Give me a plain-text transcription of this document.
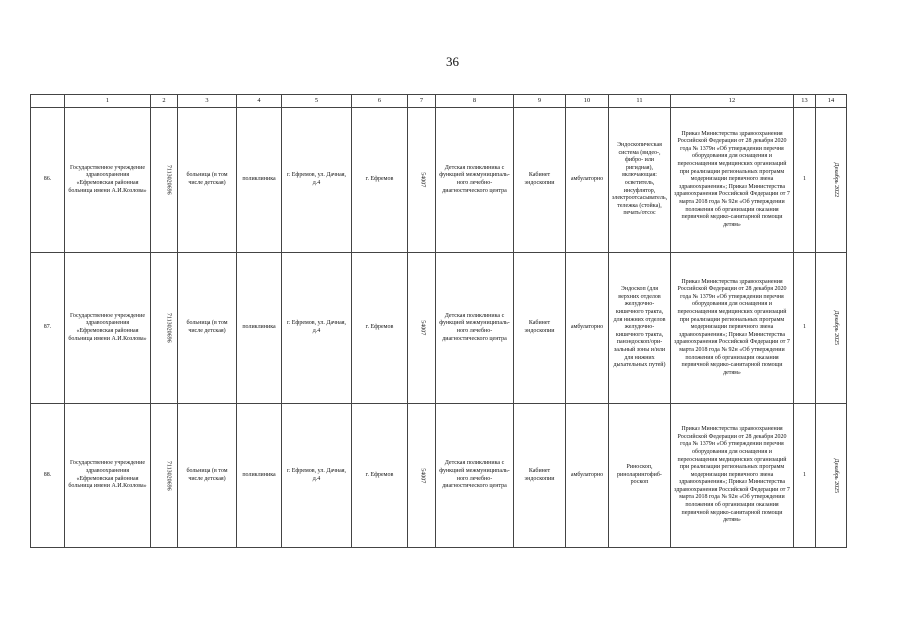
36
	1	2	3	4	5	6	7	8	9	10	11	12	13	14
86.	Государственное учреждение здравоохранения «Ефремовская районная больница имени А.И.Козлова»	7113020696	больница (в том числе детская)	поликлиника	г. Ефремов, ул. Дачная, д.4	г. Ефремов	54007	Детская поликлиника с функцией межмуниципаль-ного лечебно-диагностического центра	Кабинет эндоскопии	амбулаторно	Эндоскопическая система (видео-, фибро- или ригидная), включающая: осветитель, инсуфлятор, электроотсасыватель, тележка (стойка), печать/отсос	Приказ Министерства здравоохранения Российской Федерации от 28 декабря 2020 года № 1379н «Об утверждении перечня оборудования для оснащения и переоснащения медицинских организаций при реализации региональных программ модернизации первичного звена здравоохранения»; Приказ Министерства здравоохранения Российской Федерации от 7 марта 2018 года № 92н «Об утверждении положения об организации оказания первичной медико-санитарной помощи детям»	1	Декабрь 2022
87.	Государственное учреждение здравоохранения «Ефремовская районная больница имени А.И.Козлова»	7113020696	больница (в том числе детская)	поликлиника	г. Ефремов, ул. Дачная, д.4	г. Ефремов	54007	Детская поликлиника с функцией межмуниципаль-ного лечебно-диагностического центра	Кабинет эндоскопии	амбулаторно	Эндоскоп (для верхних отделов желудочно-кишечного тракта, для нижних отделов желудочно-кишечного тракта, панэндоскоп/ори-зальный зоны и/или для нижних дыхательных путей)	Приказ Министерства здравоохранения Российской Федерации от 28 декабря 2020 года № 1379н «Об утверждении перечня оборудования для оснащения и переоснащения медицинских организаций при реализации региональных программ модернизации первичного звена здравоохранения»; Приказ Министерства здравоохранения Российской Федерации от 7 марта 2018 года № 92н «Об утверждении положения об организации оказания первичной медико-санитарной помощи детям»	1	Декабрь 2025
88.	Государственное учреждение здравоохранения «Ефремовская районная больница имени А.И.Козлова»	7113020696	больница (в том числе детская)	поликлиника	г. Ефремов, ул. Дачная, д.4	г. Ефремов	54007	Детская поликлиника с функцией межмуниципаль-ного лечебно-диагностического центра	Кабинет эндоскопии	амбулаторно	Риноскоп, риноларингофиб-роскоп	Приказ Министерства здравоохранения Российской Федерации от 28 декабря 2020 года № 1379н «Об утверждении перечня оборудования для оснащения и переоснащения медицинских организаций при реализации региональных программ модернизации первичного звена здравоохранения»; Приказ Министерства здравоохранения Российской Федерации от 7 марта 2018 года № 92н «Об утверждении положения об организации оказания первичной медико-санитарной помощи детям»	1	Декабрь 2025
